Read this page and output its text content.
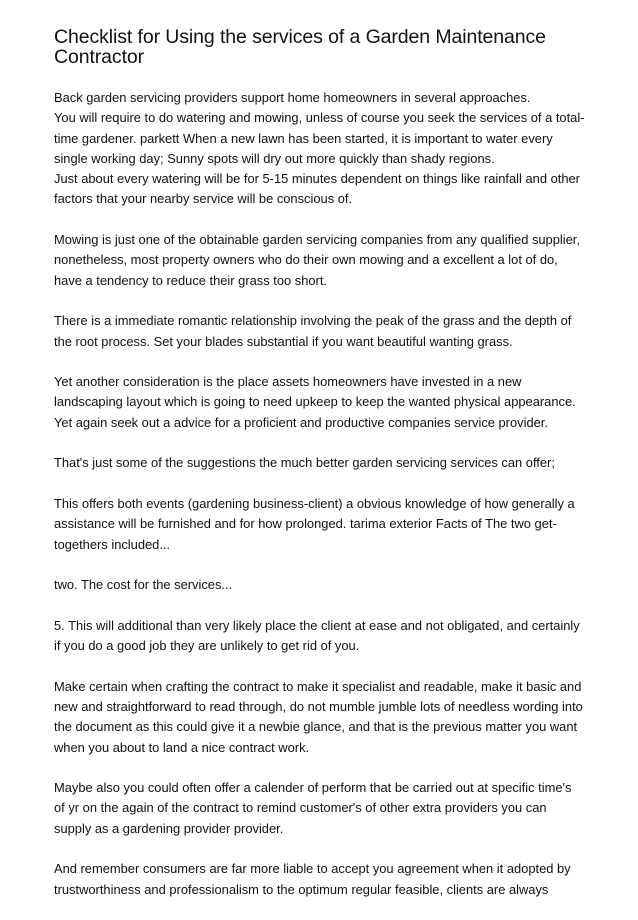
Checklist for Using the services of a Garden Maintenance
Contractor
Back garden servicing providers support home homeowners in several approaches.
You will require to do watering and mowing, unless of course you seek the services of a total-
time gardener. parkett When a new lawn has been started, it is important to water every
single working day; Sunny spots will dry out more quickly than shady regions.
Just about every watering will be for 5-15 minutes dependent on things like rainfall and other
factors that your nearby service will be conscious of.
Mowing is just one of the obtainable garden servicing companies from any qualified supplier,
nonetheless, most property owners who do their own mowing and a excellent a lot of do,
have a tendency to reduce their grass too short.
There is a immediate romantic relationship involving the peak of the grass and the depth of
the root process. Set your blades substantial if you want beautiful wanting grass.
Yet another consideration is the place assets homeowners have invested in a new
landscaping layout which is going to need upkeep to keep the wanted physical appearance.
Yet again seek out a advice for a proficient and productive companies service provider.
That's just some of the suggestions the much better garden servicing services can offer;
This offers both events (gardening business-client) a obvious knowledge of how generally a
assistance will be furnished and for how prolonged. tarima exterior Facts of The two get-
togethers included...
two. The cost for the services...
5. This will additional than very likely place the client at ease and not obligated, and certainly
if you do a good job they are unlikely to get rid of you.
Make certain when crafting the contract to make it specialist and readable, make it basic and
new and straightforward to read through, do not mumble jumble lots of needless wording into
the document as this could give it a newbie glance, and that is the previous matter you want
when you about to land a nice contract work.
Maybe also you could often offer a calender of perform that be carried out at specific time's
of yr on the again of the contract to remind customer's of other extra providers you can
supply as a gardening provider provider.
And remember consumers are far more liable to accept you agreement when it adopted by
trustworthiness and professionalism to the optimum regular feasible, clients are always
